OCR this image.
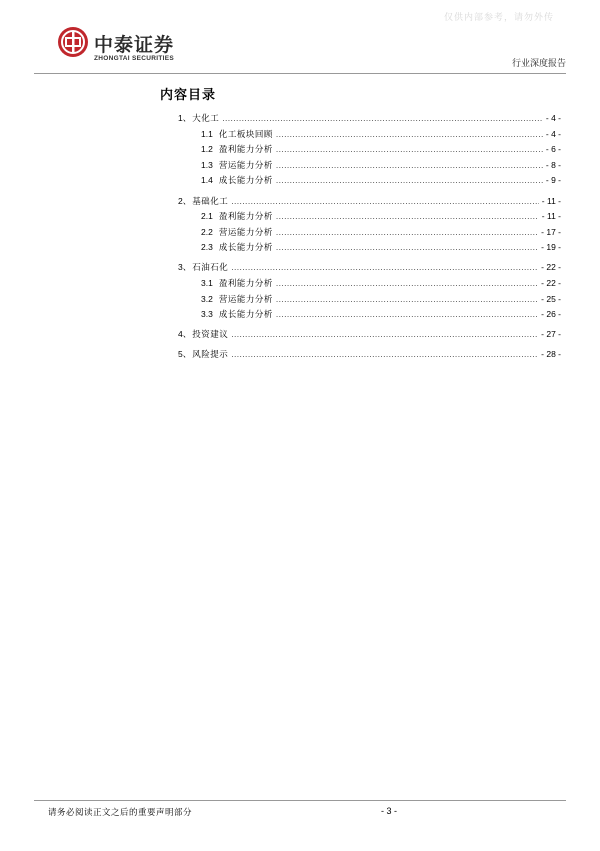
仅供内部参考，请勿外传
中泰证券
ZHONGTAI SECURITIES
行业深度报告
内容目录
1、 大化工 .....	- 4 -
1.1 化工板块回顾 .....	- 4 -
1.2 盈利能力分析 .....	- 6 -
1.3 营运能力分析 .....	- 8 -
1.4 成长能力分析 .....	- 9 -
2、 基础化工 .....	- 11 -
2.1 盈利能力分析 .....	- 11 -
2.2 营运能力分析 .....	- 17 -
2.3 成长能力分析 .....	- 19 -
3、 石油石化 .....	- 22 -
3.1 盈利能力分析 .....	- 22 -
3.2 营运能力分析 .....	- 25 -
3.3 成长能力分析 .....	- 26 -
4、 投资建议 .....	- 27 -
5、 风险提示 .....	- 28 -
请务必阅读正文之后的重要声明部分	- 3 -
